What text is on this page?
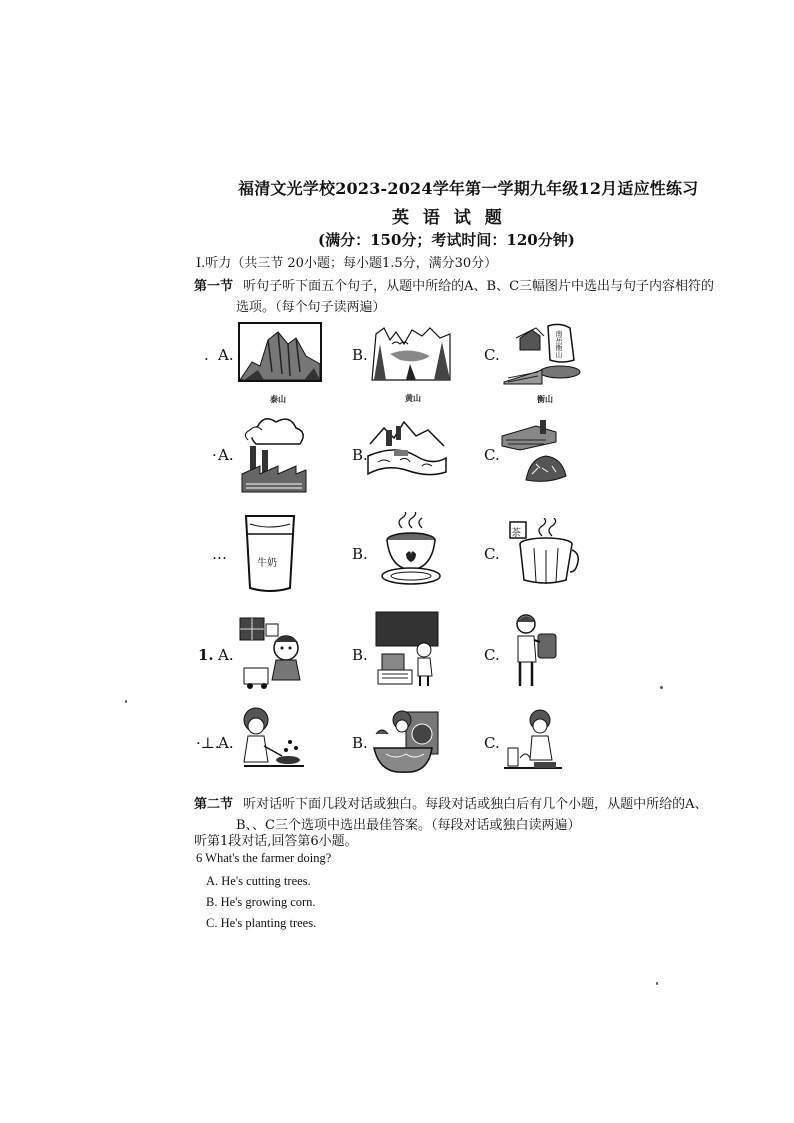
福清文光学校2023-2024学年第一学期九年级12月适应性练习
英 语 试 题
(满分：150分；考试时间：120分钟)
Ⅰ.听力（共三节 20小题；每小题1.5分，满分30分）
第一节 听句子听下面五个句子，从题中所给的A、B、C三幅图片中选出与句子内容相符的
选项。（每个句子读两遍）
. A.
泰山
B.
黄山
C.	南岳衡山
衡山
· A.	B.	C.
…
牛奶
B.	C.
茶
1. A.	B.	C.
·⊥.
A.	B.	C.
第二节 听对话听下面几段对话或独白。每段对话或独白后有几个小题，从题中所给的A、
B、、C三个选项中选出最佳答案。（每段对话或独白读两遍）
听第1段对话,回答第6小题。
6 What's the farmer doing?
A. He's cutting trees.
B. He's growing corn.
C. He's planting trees.
